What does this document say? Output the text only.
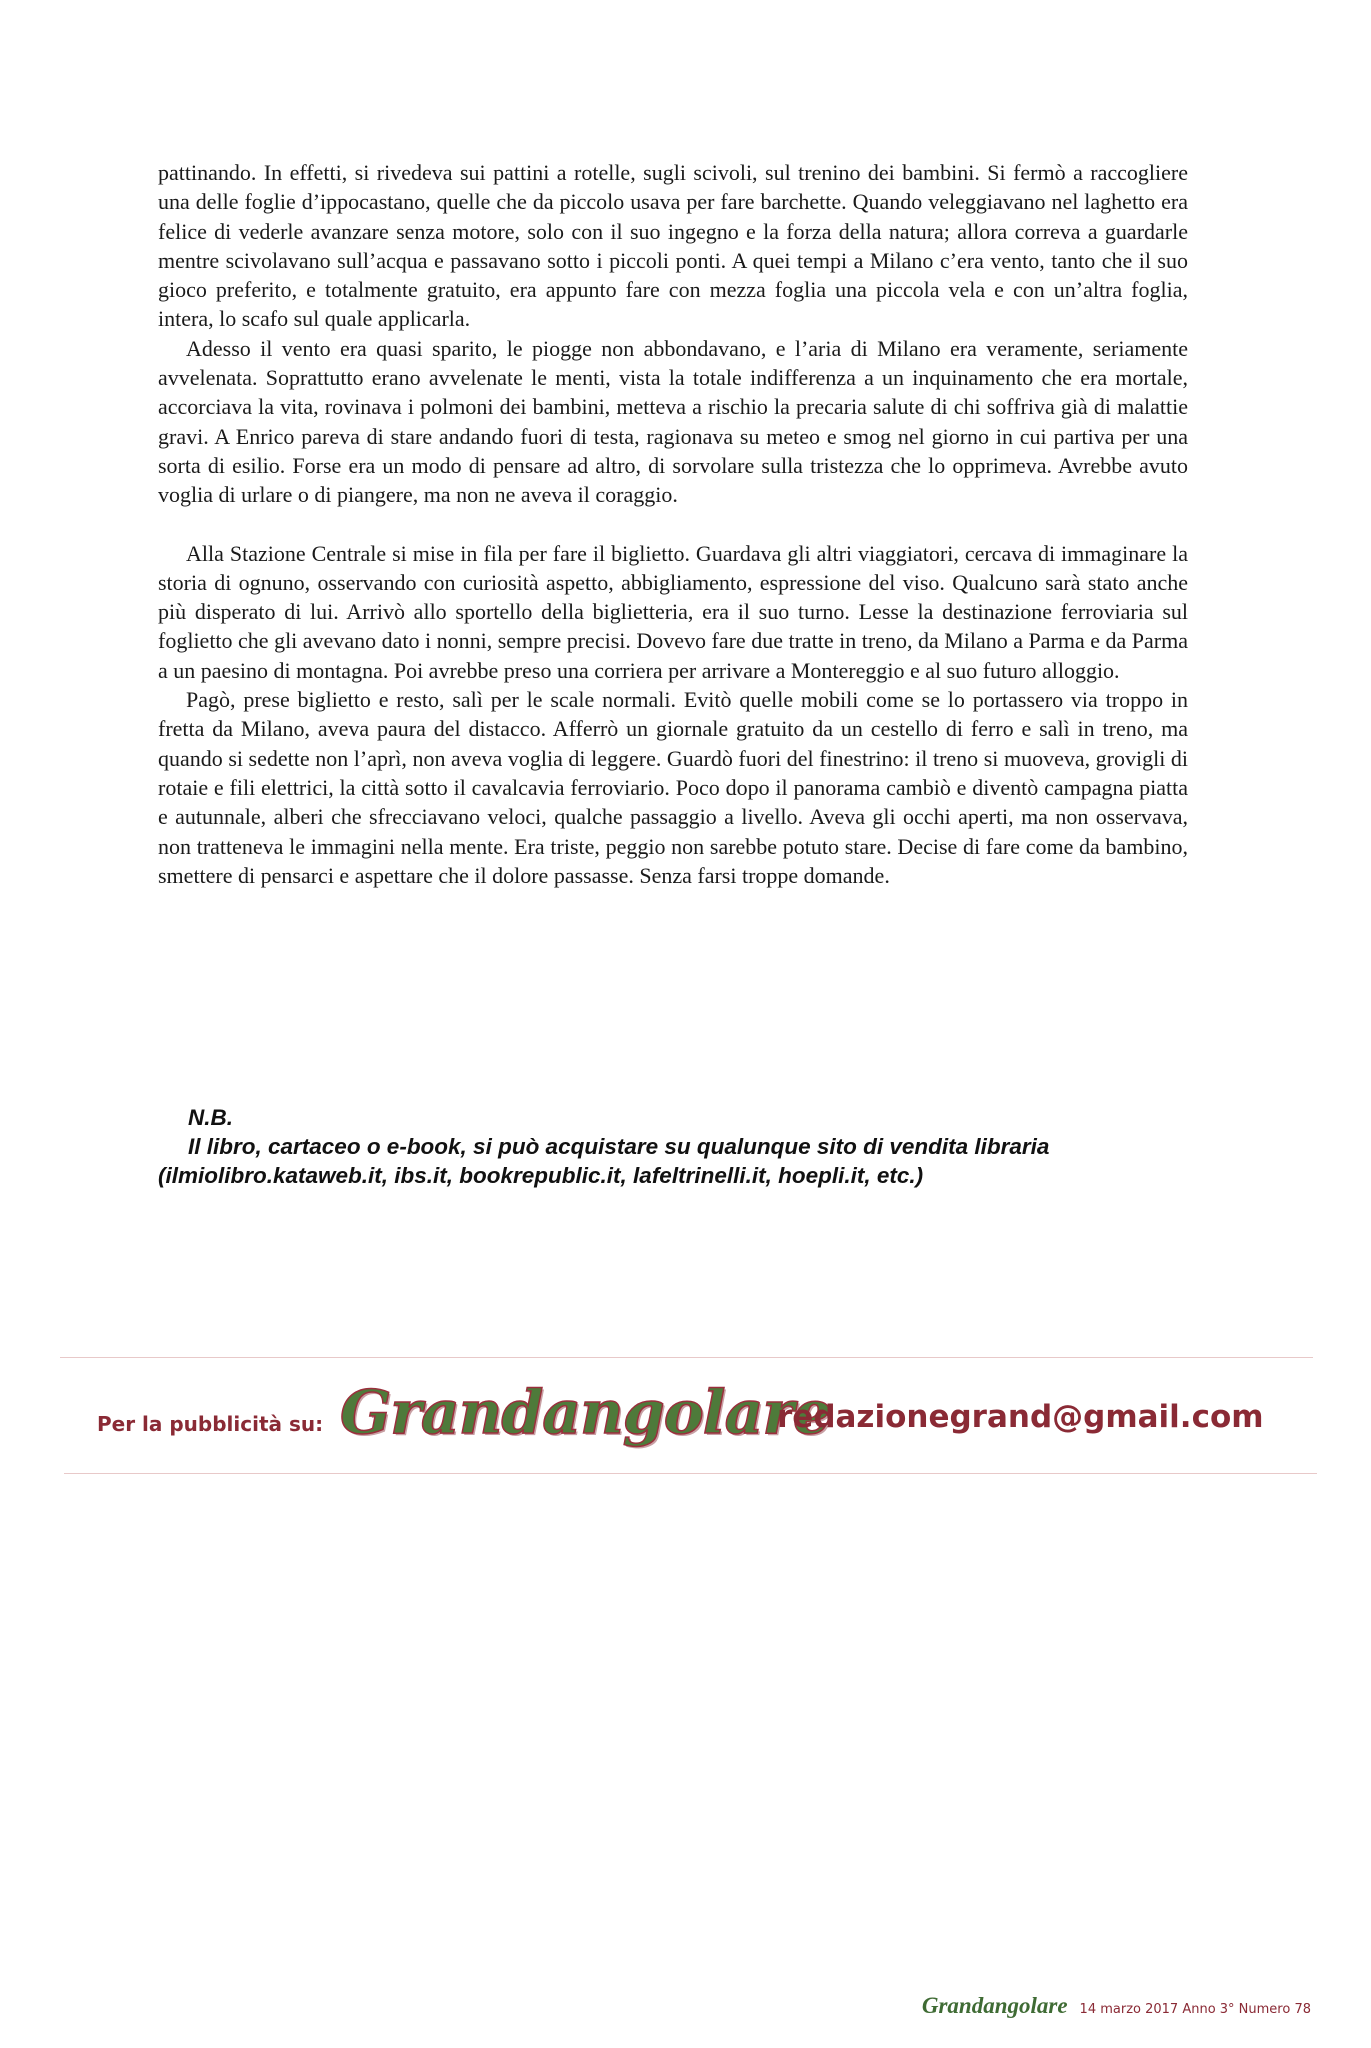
pattinando. In effetti, si rivedeva sui pattini a rotelle, sugli scivoli, sul trenino dei bambini. Si fermò a raccogliere una delle foglie d’ippocastano, quelle che da piccolo usava per fare barchette. Quando veleggiavano nel laghetto era felice di vederle avanzare senza motore, solo con il suo ingegno e la forza della natura; allora correva a guardarle mentre scivolavano sull’acqua e passavano sotto i piccoli ponti. A quei tempi a Milano c’era vento, tanto che il suo gioco preferito, e totalmente gratuito, era appunto fare con mezza foglia una piccola vela e con un’altra foglia, intera, lo scafo sul quale applicarla.

Adesso il vento era quasi sparito, le piogge non abbondavano, e l’aria di Milano era veramente, seriamente avvelenata. Soprattutto erano avvelenate le menti, vista la totale indifferenza a un inquinamento che era mortale, accorciava la vita, rovinava i polmoni dei bambini, metteva a rischio la precaria salute di chi soffriva già di malattie gravi. A Enrico pareva di stare andando fuori di testa, ragionava su meteo e smog nel giorno in cui partiva per una sorta di esilio. Forse era un modo di pensare ad altro, di sorvolare sulla tristezza che lo opprimeva. Avrebbe avuto voglia di urlare o di piangere, ma non ne aveva il coraggio.

Alla Stazione Centrale si mise in fila per fare il biglietto. Guardava gli altri viaggiatori, cercava di immaginare la storia di ognuno, osservando con curiosità aspetto, abbigliamento, espressione del viso. Qualcuno sarà stato anche più disperato di lui. Arrivò allo sportello della biglietteria, era il suo turno. Lesse la destinazione ferroviaria sul foglietto che gli avevano dato i nonni, sempre precisi. Dovevo fare due tratte in treno, da Milano a Parma e da Parma a un paesino di montagna. Poi avrebbe preso una corriera per arrivare a Montereggio e al suo futuro alloggio.

Pagò, prese biglietto e resto, salì per le scale normali. Evitò quelle mobili come se lo portassero via troppo in fretta da Milano, aveva paura del distacco. Afferrò un giornale gratuito da un cestello di ferro e salì in treno, ma quando si sedette non l’aprì, non aveva voglia di leggere. Guardò fuori del finestrino: il treno si muoveva, grovigli di rotaie e fili elettrici, la città sotto il cavalcavia ferroviario. Poco dopo il panorama cambiò e diventò campagna piatta e autunnale, alberi che sfrecciavano veloci, qualche passaggio a livello. Aveva gli occhi aperti, ma non osservava, non tratteneva le immagini nella mente. Era triste, peggio non sarebbe potuto stare. Decise di fare come da bambino, smettere di pensarci e aspettare che il dolore passasse. Senza farsi troppe domande.

N.B.

Il libro, cartaceo o e-book, si può acquistare su qualunque sito di vendita libraria

(ilmiolibro.kataweb.it, ibs.it, bookrepublic.it, lafeltrinelli.it, hoepli.it, etc.)

Per la pubblicità su: Grandangolare
redazionegrand@gmail.com
Grandangolare 14 marzo 2017 Anno 3° Numero 78
